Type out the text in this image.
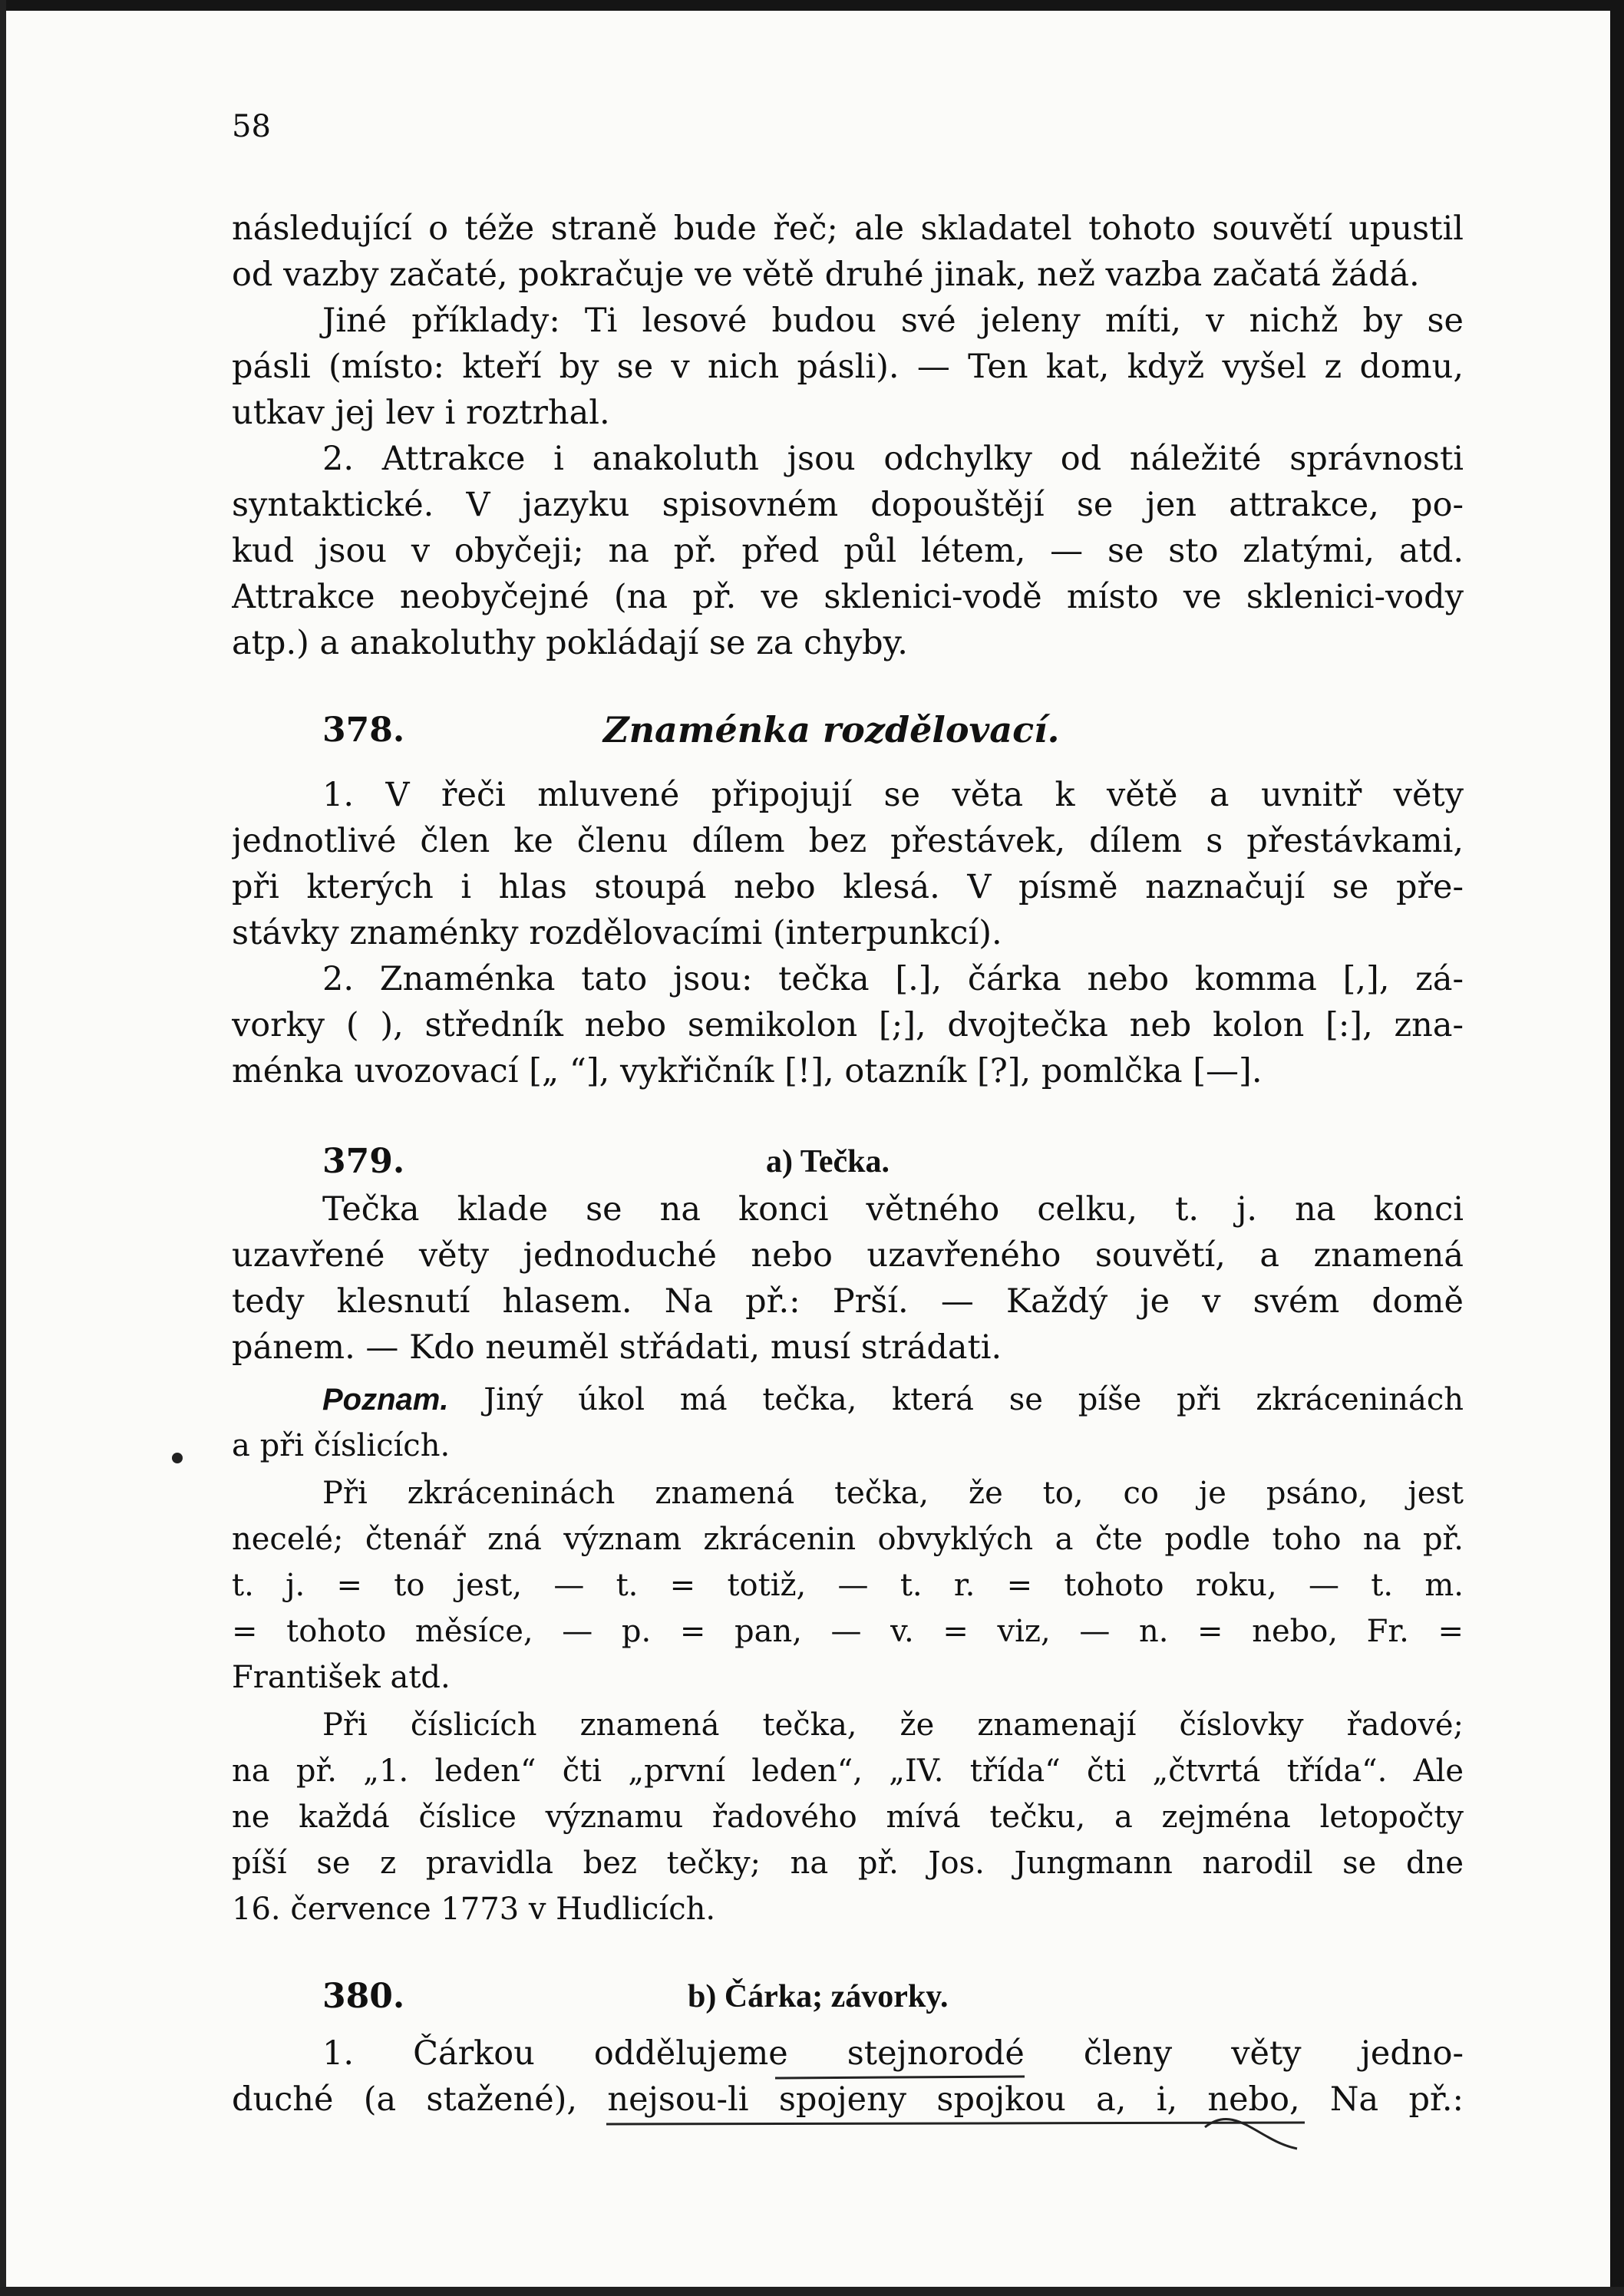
58
následující o téže straně bude řeč; ale skladatel tohoto souvětí upustil
od vazby začaté, pokračuje ve větě druhé jinak, než vazba začatá žádá.
Jiné příklady: Ti lesové budou své jeleny míti, v nichž by se
pásli (místo: kteří by se v nich pásli). — Ten kat, když vyšel z domu,
utkav jej lev i roztrhal.
2. Attrakce i anakoluth jsou odchylky od náležité správnosti
syntaktické. V jazyku spisovném dopouštějí se jen attrakce, po-
kud jsou v obyčeji; na př. před půl létem, — se sto zlatými, atd.
Attrakce neobyčejné (na př. ve sklenici-vodě místo ve sklenici-vody
atp.) a anakoluthy pokládají se za chyby.
378.	Znaménka rozdělovací.
1. V řeči mluvené připojují se věta k větě a uvnitř věty
jednotlivé člen ke členu dílem bez přestávek, dílem s přestávkami,
při kterých i hlas stoupá nebo klesá. V písmě naznačují se pře-
stávky znaménky rozdělovacími (interpunkcí).
2. Znaménka tato jsou: tečka [.], čárka nebo komma [,], zá-
vorky ( ), středník nebo semikolon [;], dvojtečka neb kolon [:], zna-
ménka uvozovací [„ “], vykřičník [!], otazník [?], pomlčka [—].
379.	a) Tečka.
Tečka klade se na konci větného celku, t. j. na konci
uzavřené věty jednoduché nebo uzavřeného souvětí, a znamená
tedy klesnutí hlasem. Na př.: Prší. — Každý je v svém domě
pánem. — Kdo neuměl střádati, musí strádati.
Poznam. Jiný úkol má tečka, která se píše při zkráceninách
a při číslicích.
Při zkráceninách znamená tečka, že to, co je psáno, jest
necelé; čtenář zná význam zkrácenin obvyklých a čte podle toho na př.
t. j. = to jest, — t. = totiž, — t. r. = tohoto roku, — t. m.
= tohoto měsíce, — p. = pan, — v. = viz, — n. = nebo, Fr. =
František atd.
Při číslicích znamená tečka, že znamenají číslovky řadové;
na př. „1. leden“ čti „první leden“, „IV. třída“ čti „čtvrtá třída“. Ale
ne každá číslice významu řadového mívá tečku, a zejména letopočty
píší se z pravidla bez tečky; na př. Jos. Jungmann narodil se dne
16. července 1773 v Hudlicích.
380.	b) Čárka; závorky.
1. Čárkou oddělujeme stejnorodé členy věty jedno-
duché (a stažené), nejsou-li spojeny spojkou a, i, nebo, Na př.:
